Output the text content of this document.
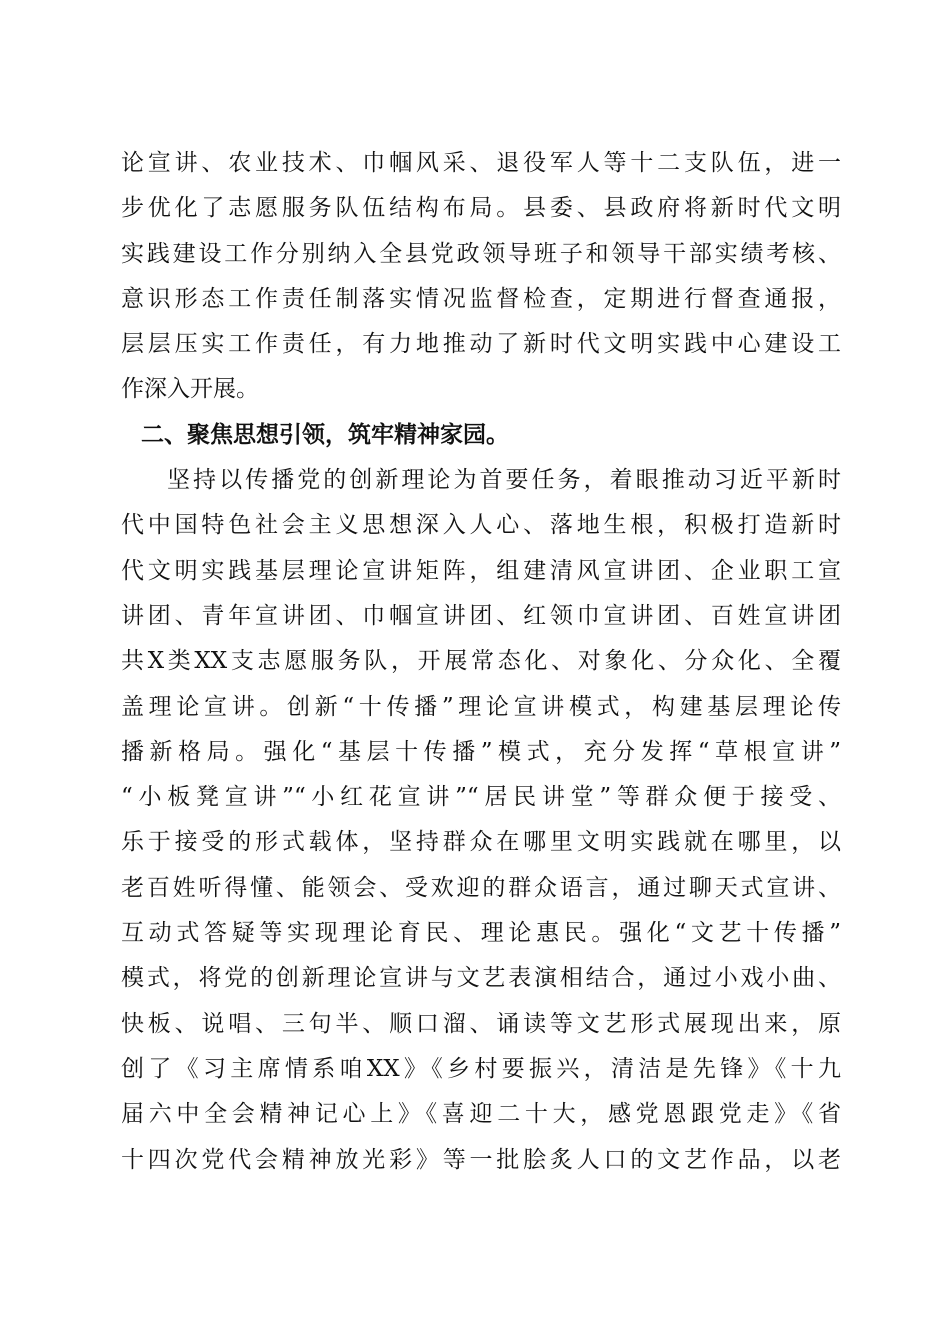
论宣讲、农业技术、巾帼风采、退役军人等十二支队伍，进一
步优化了志愿服务队伍结构布局。县委、县政府将新时代文明
实践建设工作分别纳入全县党政领导班子和领导干部实绩考核、
意识形态工作责任制落实情况监督检查，定期进行督查通报，
层层压实工作责任，有力地推动了新时代文明实践中心建设工
作深入开展。
二、聚焦思想引领，筑牢精神家园。
坚持以传播党的创新理论为首要任务，着眼推动习近平新时
代中国特色社会主义思想深入人心、落地生根，积极打造新时
代文明实践基层理论宣讲矩阵，组建清风宣讲团、企业职工宣
讲团、青年宣讲团、巾帼宣讲团、红领巾宣讲团、百姓宣讲团
共X类XX支志愿服务队，开展常态化、对象化、分众化、全覆
盖理论宣讲。创新“十传播”理论宣讲模式，构建基层理论传
播新格局。强化“基层十传播”模式，充分发挥“草根宣讲”
“小板凳宣讲”“小红花宣讲”“居民讲堂”等群众便于接受、
乐于接受的形式载体，坚持群众在哪里文明实践就在哪里，以
老百姓听得懂、能领会、受欢迎的群众语言，通过聊天式宣讲、
互动式答疑等实现理论育民、理论惠民。强化“文艺十传播”
模式，将党的创新理论宣讲与文艺表演相结合，通过小戏小曲、
快板、说唱、三句半、顺口溜、诵读等文艺形式展现出来，原
创了《习主席情系咱XX》《乡村要振兴，清洁是先锋》《十九
届六中全会精神记心上》《喜迎二十大，感党恩跟党走》《省
十四次党代会精神放光彩》等一批脍炙人口的文艺作品，以老
